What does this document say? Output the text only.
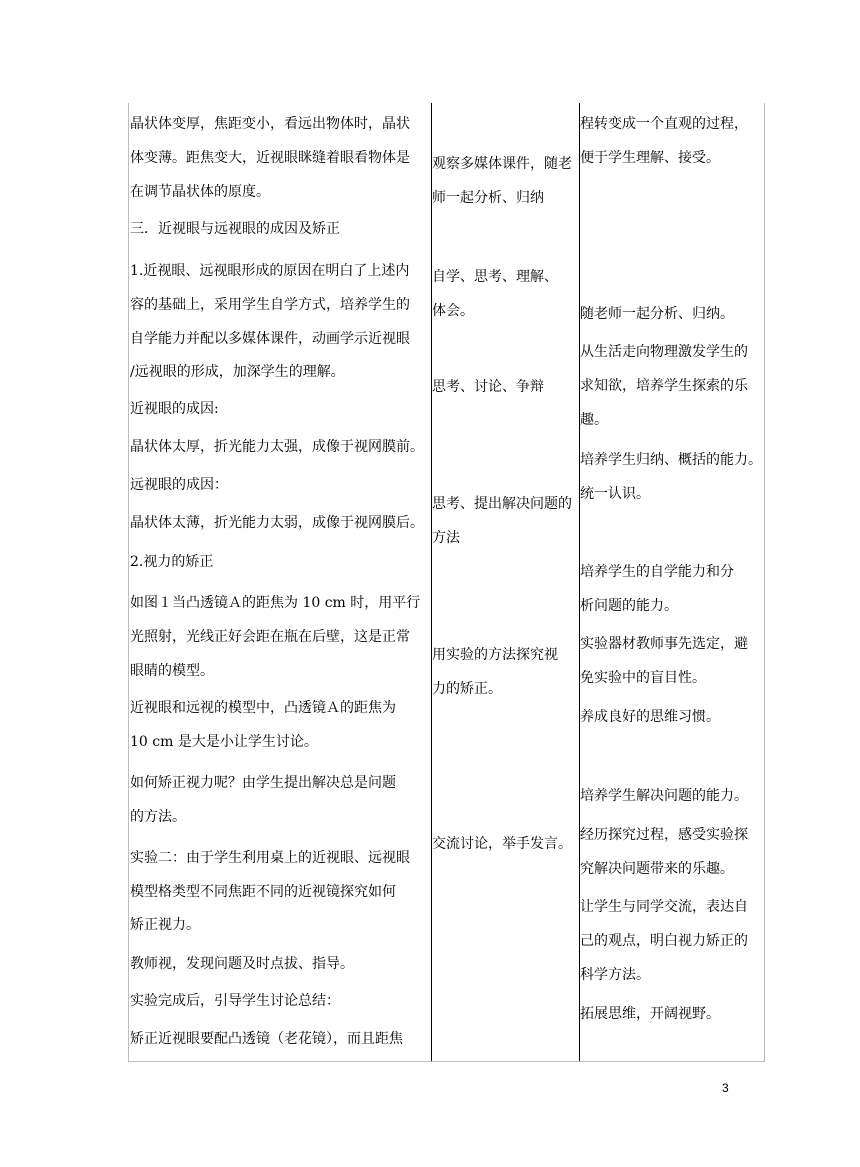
晶状体变厚，焦距变小，看远出物体时，晶状
体变薄。距焦变大，近视眼眯缝着眼看物体是
在调节晶状体的原度。
三．近视眼与远视眼的成因及矫正
1.近视眼、远视眼形成的原因在明白了上述内
容的基础上，采用学生自学方式，培养学生的
自学能力并配以多媒体课件，动画学示近视眼
/远视眼的形成，加深学生的理解。
近视眼的成因:
晶状体太厚，折光能力太强，成像于视网膜前。
远视眼的成因：
晶状体太薄，折光能力太弱，成像于视网膜后。
2.视力的矫正
如图１当凸透镜Ａ的距焦为 10 cm 时，用平行
光照射，光线正好会距在瓶在后壁，这是正常
眼睛的模型。
近视眼和远视的模型中，凸透镜Ａ的距焦为
10 cm 是大是小让学生讨论。
如何矫正视力呢？由学生提出解决总是问题
的方法。
实验二：由于学生利用桌上的近视眼、远视眼
模型格类型不同焦距不同的近视镜探究如何
矫正视力。
教师视，发现问题及时点拔、指导。
实验完成后，引导学生讨论总结：
矫正近视眼要配凸透镜（老花镜），而且距焦
观察多媒体课件，随老
师一起分析、归纳
自学、思考、理解、
体会。
思考、讨论、争辩
思考、提出解决问题的
方法
用实验的方法探究视
力的矫正。
交流讨论，举手发言。
程转变成一个直观的过程，
便于学生理解、接受。
随老师一起分析、归纳。
从生活走向物理激发学生的
求知欲，培养学生探索的乐
趣。
培养学生归纳、概括的能力。
统一认识。
培养学生的自学能力和分
析问题的能力。
实验器材教师事先选定，避
免实验中的盲目性。
养成良好的思维习惯。
培养学生解决问题的能力。
经历探究过程，感受实验探
究解决问题带来的乐趣。
让学生与同学交流，表达自
己的观点，明白视力矫正的
科学方法。
拓展思维，开阔视野。
3
